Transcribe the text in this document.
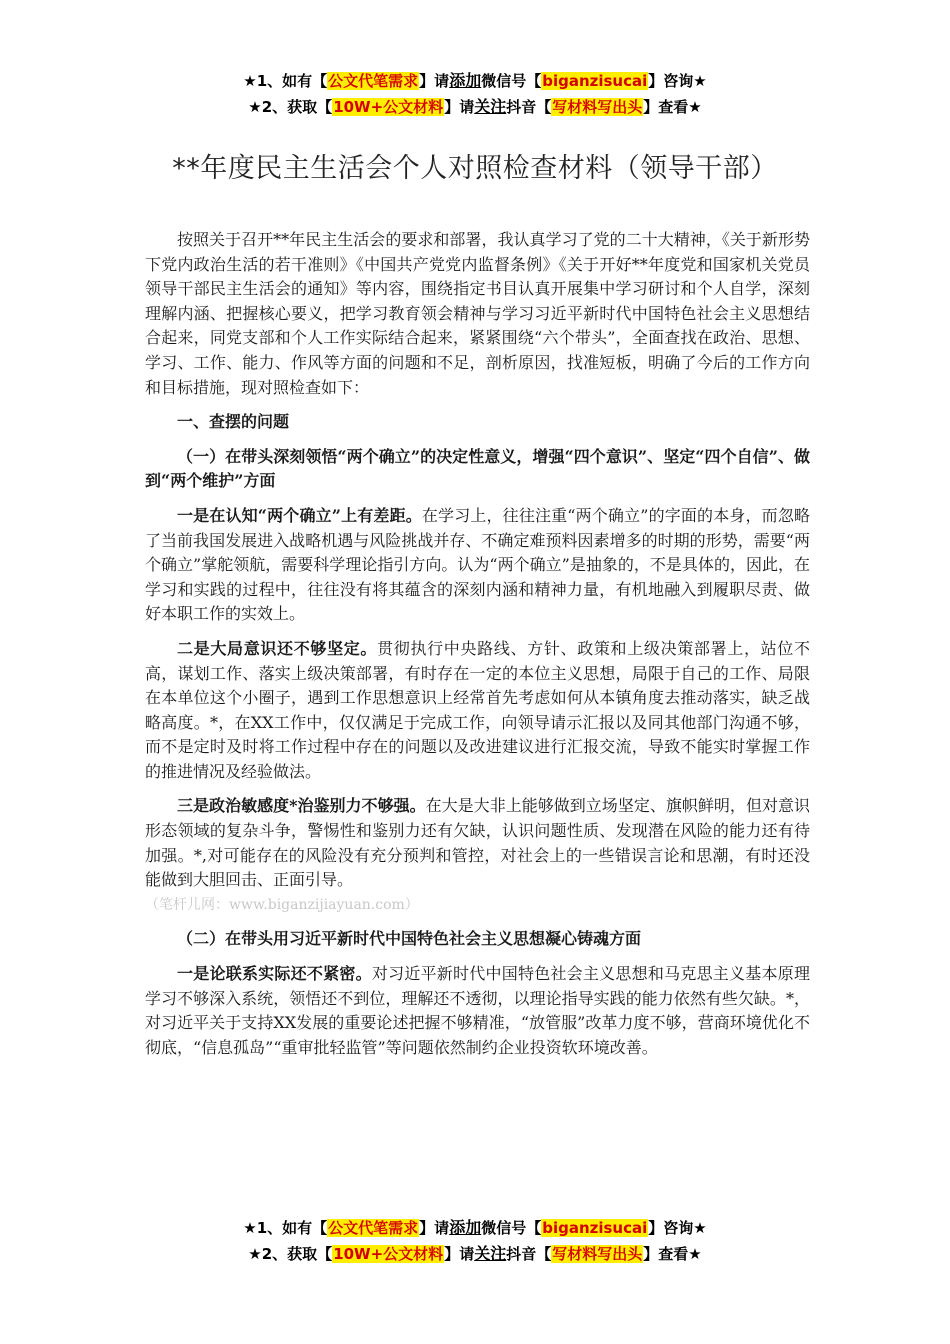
★1、如有【公文代笔需求】请添加微信号【biganzisucai】咨询★
★2、获取【10W+公文材料】请关注抖音【写材料写出头】查看★
**年度民主生活会个人对照检查材料（领导干部）

按照关于召开**年民主生活会的要求和部署，我认真学习了党的二十大精神，《关于新形势下党内政治生活的若干准则》《中国共产党党内监督条例》《关于开好**年度党和国家机关党员领导干部民主生活会的通知》等内容，围绕指定书目认真开展集中学习研讨和个人自学，深刻理解内涵、把握核心要义，把学习教育领会精神与学习习近平新时代中国特色社会主义思想结合起来，同党支部和个人工作实际结合起来，紧紧围绕“六个带头”，全面查找在政治、思想、学习、工作、能力、作风等方面的问题和不足，剖析原因，找准短板，明确了今后的工作方向和目标措施，现对照检查如下：

一、查摆的问题

（一）在带头深刻领悟“两个确立”的决定性意义，增强“四个意识”、坚定“四个自信”、做到“两个维护”方面

一是在认知“两个确立”上有差距。在学习上，往往注重“两个确立”的字面的本身，而忽略了当前我国发展进入战略机遇与风险挑战并存、不确定难预料因素增多的时期的形势，需要“两个确立”掌舵领航，需要科学理论指引方向。认为“两个确立”是抽象的，不是具体的，因此，在学习和实践的过程中，往往没有将其蕴含的深刻内涵和精神力量，有机地融入到履职尽责、做好本职工作的实效上。

二是大局意识还不够坚定。贯彻执行中央路线、方针、政策和上级决策部署上，站位不高，谋划工作、落实上级决策部署，有时存在一定的本位主义思想，局限于自己的工作、局限在本单位这个小圈子，遇到工作思想意识上经常首先考虑如何从本镇角度去推动落实，缺乏战略高度。*，在XX工作中，仅仅满足于完成工作，向领导请示汇报以及同其他部门沟通不够，而不是定时及时将工作过程中存在的问题以及改进建议进行汇报交流，导致不能实时掌握工作的推进情况及经验做法。

三是政治敏感度*治鉴别力不够强。在大是大非上能够做到立场坚定、旗帜鲜明，但对意识形态领域的复杂斗争，警惕性和鉴别力还有欠缺，认识问题性质、发现潜在风险的能力还有待加强。*,对可能存在的风险没有充分预判和管控，对社会上的一些错误言论和思潮，有时还没能做到大胆回击、正面引导。

（笔杆儿网：www.biganzijiayuan.com）

（二）在带头用习近平新时代中国特色社会主义思想凝心铸魂方面

一是论联系实际还不紧密。对习近平新时代中国特色社会主义思想和马克思主义基本原理学习不够深入系统，领悟还不到位，理解还不透彻，以理论指导实践的能力依然有些欠缺。*，对习近平关于支持XX发展的重要论述把握不够精准，“放管服”改革力度不够，营商环境优化不彻底，“信息孤岛”“重审批轻监管”等问题依然制约企业投资软环境改善。

★1、如有【公文代笔需求】请添加微信号【biganzisucai】咨询★
★2、获取【10W+公文材料】请关注抖音【写材料写出头】查看★
